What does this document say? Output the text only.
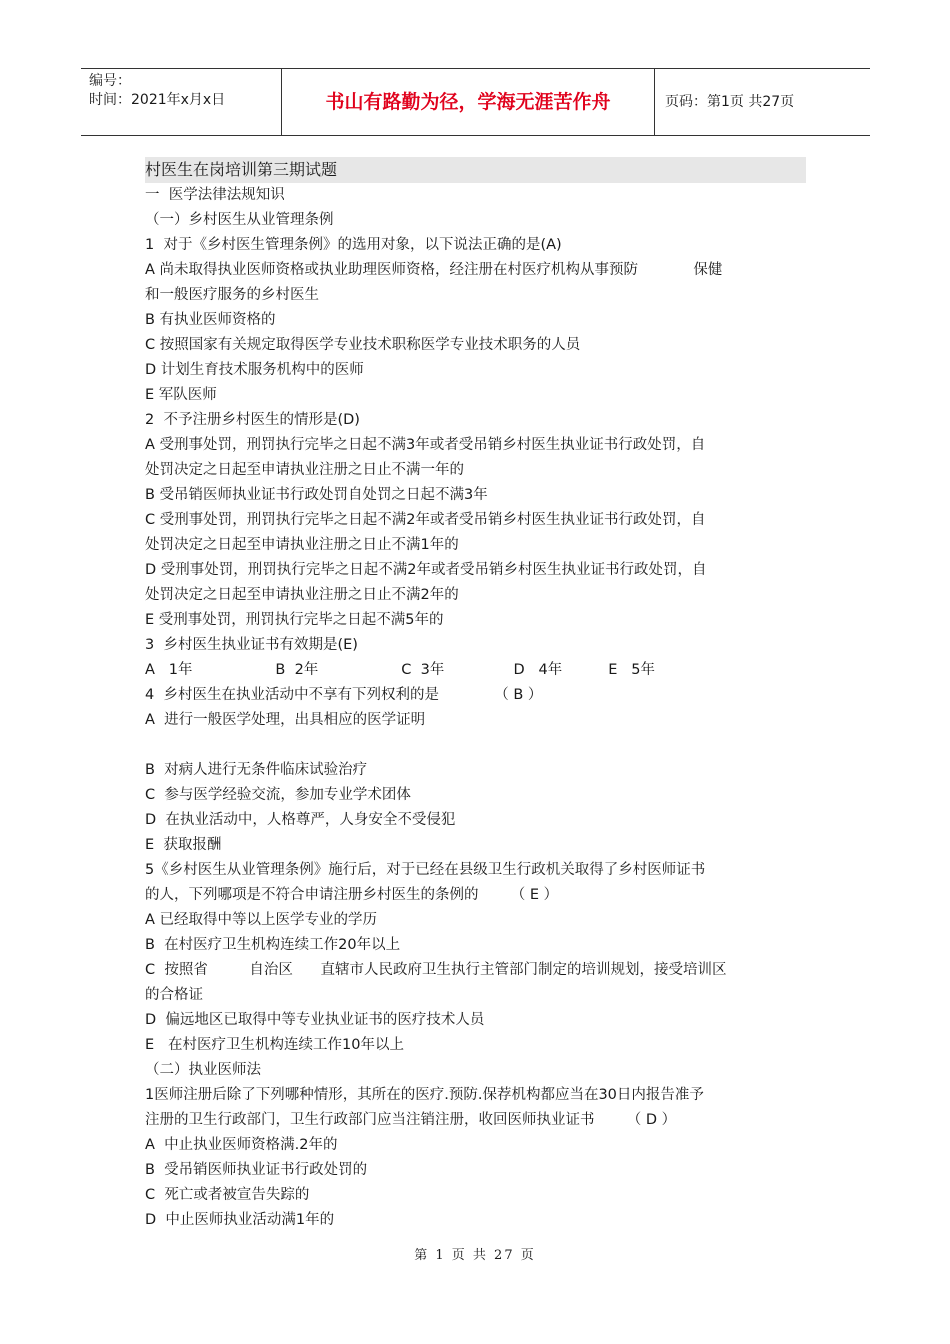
编号：
时间：2021年x月x日	书山有路勤为径，学海无涯苦作舟	页码：第1页 共27页
村医生在岗培训第三期试题
一  医学法律法规知识
（一）乡村医生从业管理条例
1  对于《乡村医生管理条例》的选用对象，以下说法正确的是(A)
A 尚未取得执业医师资格或执业助理医师资格，经注册在村医疗机构从事预防            保健
和一般医疗服务的乡村医生
B 有执业医师资格的
C 按照国家有关规定取得医学专业技术职称医学专业技术职务的人员
D 计划生育技术服务机构中的医师
E 军队医师
2  不予注册乡村医生的情形是(D)
A 受刑事处罚，刑罚执行完毕之日起不满3年或者受吊销乡村医生执业证书行政处罚，自
处罚决定之日起至申请执业注册之日止不满一年的
B 受吊销医师执业证书行政处罚自处罚之日起不满3年
C 受刑事处罚，刑罚执行完毕之日起不满2年或者受吊销乡村医生执业证书行政处罚，自
处罚决定之日起至申请执业注册之日止不满1年的
D 受刑事处罚，刑罚执行完毕之日起不满2年或者受吊销乡村医生执业证书行政处罚，自
处罚决定之日起至申请执业注册之日止不满2年的
E 受刑事处罚，刑罚执行完毕之日起不满5年的
3  乡村医生执业证书有效期是(E)
A   1年                  B  2年                  C  3年               D   4年          E   5年
4  乡村医生在执业活动中不享有下列权利的是            （ B ）
A  进行一般医学处理，出具相应的医学证明
B  对病人进行无条件临床试验治疗
C  参与医学经验交流，参加专业学术团体
D  在执业活动中，人格尊严，人身安全不受侵犯
E  获取报酬
5《乡村医生从业管理条例》施行后，对于已经在县级卫生行政机关取得了乡村医师证书
的人，下列哪项是不符合申请注册乡村医生的条例的       （ E ）
A 已经取得中等以上医学专业的学历
B  在村医疗卫生机构连续工作20年以上
C  按照省         自治区      直辖市人民政府卫生执行主管部门制定的培训规划，接受培训区
的合格证
D  偏远地区已取得中等专业执业证书的医疗技术人员
E   在村医疗卫生机构连续工作10年以上
（二）执业医师法
1医师注册后除了下列哪种情形，其所在的医疗.预防.保荐机构都应当在30日内报告准予
注册的卫生行政部门，卫生行政部门应当注销注册，收回医师执业证书       （ D ）
A  中止执业医师资格满.2年的
B  受吊销医师执业证书行政处罚的
C  死亡或者被宣告失踪的
D  中止医师执业活动满1年的
第 1 页 共 27 页
